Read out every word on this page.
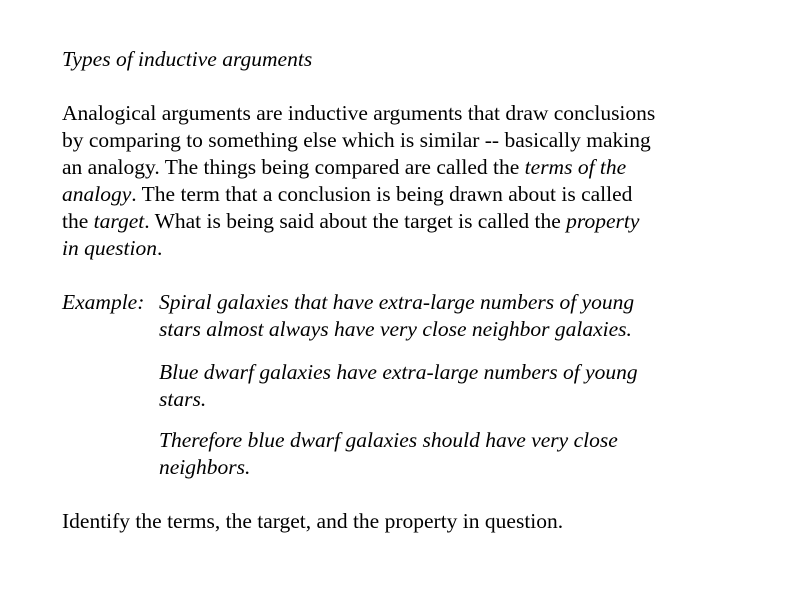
Types of inductive arguments
Analogical arguments are inductive arguments that draw conclusions
by comparing to something else which is similar -- basically making
an analogy. The things being compared are called the terms of the
analogy. The term that a conclusion is being drawn about is called
the target. What is being said about the target is called the property
in question.
Example: Spiral galaxies that have extra-large numbers of young
stars almost always have very close neighbor galaxies.
Blue dwarf galaxies have extra-large numbers of young
stars.
Therefore blue dwarf galaxies should have very close
neighbors.
Identify the terms, the target, and the property in question.
